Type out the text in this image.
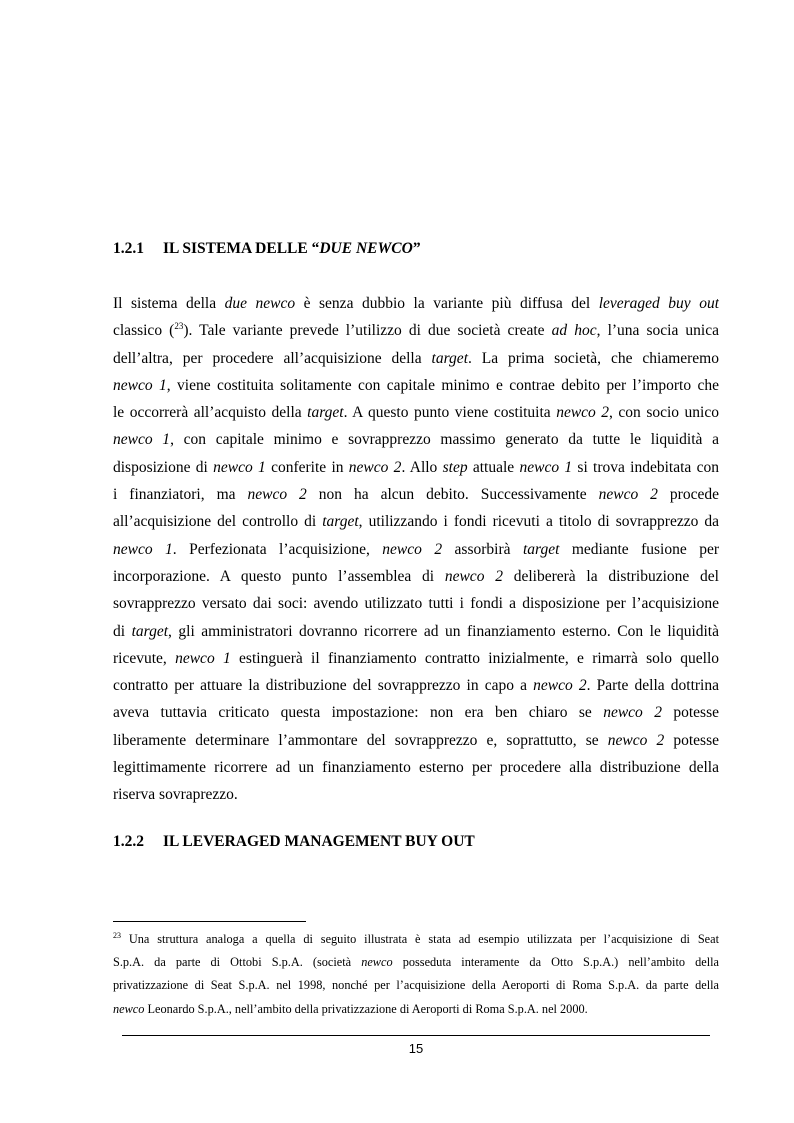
1.2.1 IL SISTEMA DELLE “DUE NEWCO”
Il sistema della due newco è senza dubbio la variante più diffusa del leveraged buy out
classico ($^{23}$). Tale variante prevede l’utilizzo di due società create ad hoc, l’una socia unica
dell’altra, per procedere all’acquisizione della target. La prima società, che chiameremo
newco 1, viene costituita solitamente con capitale minimo e contrae debito per l’importo che
le occorrerà all’acquisto della target. A questo punto viene costituita newco 2, con socio unico
newco 1, con capitale minimo e sovrapprezzo massimo generato da tutte le liquidità a
disposizione di newco 1 conferite in newco 2. Allo step attuale newco 1 si trova indebitata con
i finanziatori, ma newco 2 non ha alcun debito. Successivamente newco 2 procede
all’acquisizione del controllo di target, utilizzando i fondi ricevuti a titolo di sovrapprezzo da
newco 1. Perfezionata l’acquisizione, newco 2 assorbirà target mediante fusione per
incorporazione. A questo punto l’assemblea di newco 2 delibererà la distribuzione del
sovrapprezzo versato dai soci: avendo utilizzato tutti i fondi a disposizione per l’acquisizione
di target, gli amministratori dovranno ricorrere ad un finanziamento esterno. Con le liquidità
ricevute, newco 1 estinguerà il finanziamento contratto inizialmente, e rimarrà solo quello
contratto per attuare la distribuzione del sovrapprezzo in capo a newco 2. Parte della dottrina
aveva tuttavia criticato questa impostazione: non era ben chiaro se newco 2 potesse
liberamente determinare l’ammontare del sovrapprezzo e, soprattutto, se newco 2 potesse
legittimamente ricorrere ad un finanziamento esterno per procedere alla distribuzione della
riserva sovraprezzo.
1.2.2 IL LEVERAGED MANAGEMENT BUY OUT
$^{23}$ Una struttura analoga a quella di seguito illustrata è stata ad esempio utilizzata per l’acquisizione di Seat
S.p.A. da parte di Ottobi S.p.A. (società newco posseduta interamente da Otto S.p.A.) nell’ambito della
privatizzazione di Seat S.p.A. nel 1998, nonché per l’acquisizione della Aeroporti di Roma S.p.A. da parte della
newco Leonardo S.p.A., nell’ambito della privatizzazione di Aeroporti di Roma S.p.A. nel 2000.
15
